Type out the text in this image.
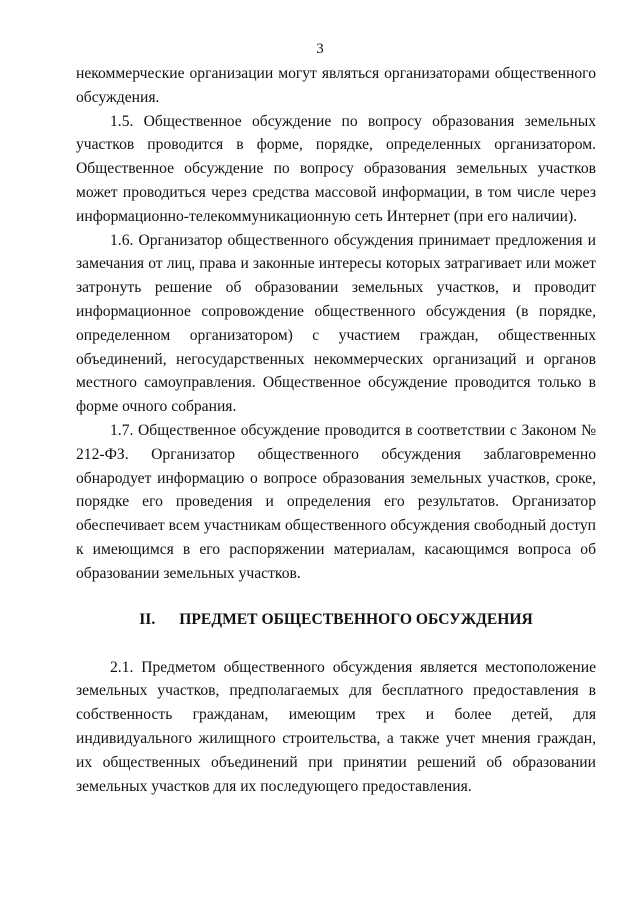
3

некоммерческие организации могут являться организаторами общественного обсуждения.

1.5. Общественное обсуждение по вопросу образования земельных участков проводится в форме, порядке, определенных организатором. Общественное обсуждение по вопросу образования земельных участков может проводиться через средства массовой информации, в том числе через информационно-телекоммуникационную сеть Интернет (при его наличии).

1.6. Организатор общественного обсуждения принимает предложения и замечания от лиц, права и законные интересы которых затрагивает или может затронуть решение об образовании земельных участков, и проводит информационное сопровождение общественного обсуждения (в порядке, определенном организатором) с участием граждан, общественных объединений, негосударственных некоммерческих организаций и органов местного самоуправления. Общественное обсуждение проводится только в форме очного собрания.

1.7. Общественное обсуждение проводится в соответствии с Законом № 212-ФЗ. Организатор общественного обсуждения заблаговременно обнародует информацию о вопросе образования земельных участков, сроке, порядке его проведения и определения его результатов. Организатор обеспечивает всем участникам общественного обсуждения свободный доступ к имеющимся в его распоряжении материалам, касающимся вопроса об образовании земельных участков.

II. ПРЕДМЕТ ОБЩЕСТВЕННОГО ОБСУЖДЕНИЯ

2.1. Предметом общественного обсуждения является местоположение земельных участков, предполагаемых для бесплатного предоставления в собственность гражданам, имеющим трех и более детей, для индивидуального жилищного строительства, а также учет мнения граждан, их общественных объединений при принятии решений об образовании земельных участков для их последующего предоставления.
